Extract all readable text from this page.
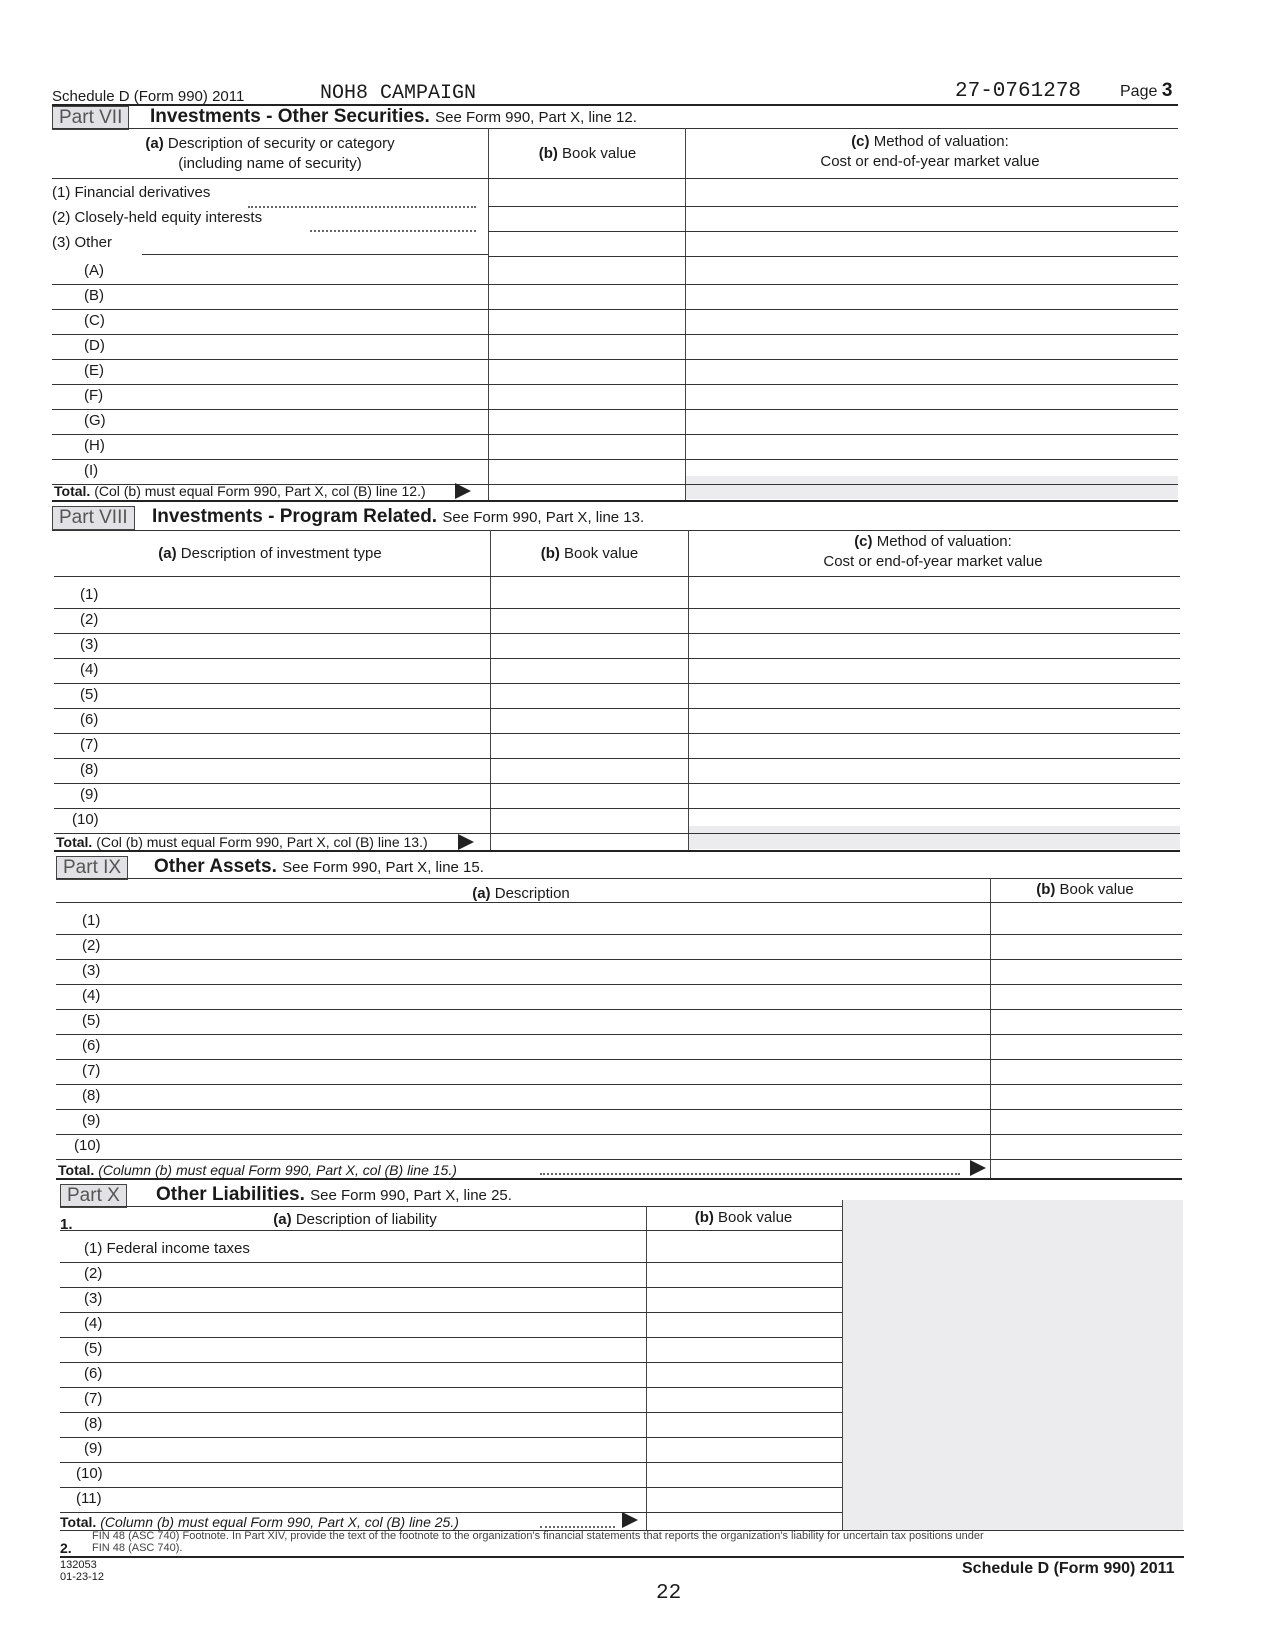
Schedule D (Form 990) 2011	NOH8 CAMPAIGN	27-0761278 Page 3
Part VII	Investments - Other Securities. See Form 990, Part X, line 12.
(a) Description of security or category
(including name of security)
(b) Book value
(c) Method of valuation:
Cost or end-of-year market value
(1) Financial derivatives
(2) Closely-held equity interests
(3) Other
(A)
(B)
(C)
(D)
(E)
(F)
(G)
(H)
(I)
Total. (Col (b) must equal Form 990, Part X, col (B) line 12.)
Part VIII	Investments - Program Related. See Form 990, Part X, line 13.
(a) Description of investment type	(b) Book value
(c) Method of valuation:
Cost or end-of-year market value
(1)
(2)
(3)
(4)
(5)
(6)
(7)
(8)
(9)
(10)
Total. (Col (b) must equal Form 990, Part X, col (B) line 13.)
Part IX	Other Assets. See Form 990, Part X, line 15.
(a) Description	(b) Book value
(1)
(2)
(3)
(4)
(5)
(6)
(7)
(8)
(9)
(10)
Total. (Column (b) must equal Form 990, Part X, col (B) line 15.)
Part X	Other Liabilities. See Form 990, Part X, line 25.
1.	(a) Description of liability	(b) Book value
(1) Federal income taxes
(2)
(3)
(4)
(5)
(6)
(7)
(8)
(9)
(10)
(11)
Total. (Column (b) must equal Form 990, Part X, col (B) line 25.)
2.
FIN 48 (ASC 740) Footnote. In Part XIV, provide the text of the footnote to the organization's financial statements that reports the organization's liability for uncertain tax positions under
FIN 48 (ASC 740).
132053
01-23-12	Schedule D (Form 990) 2011
22
